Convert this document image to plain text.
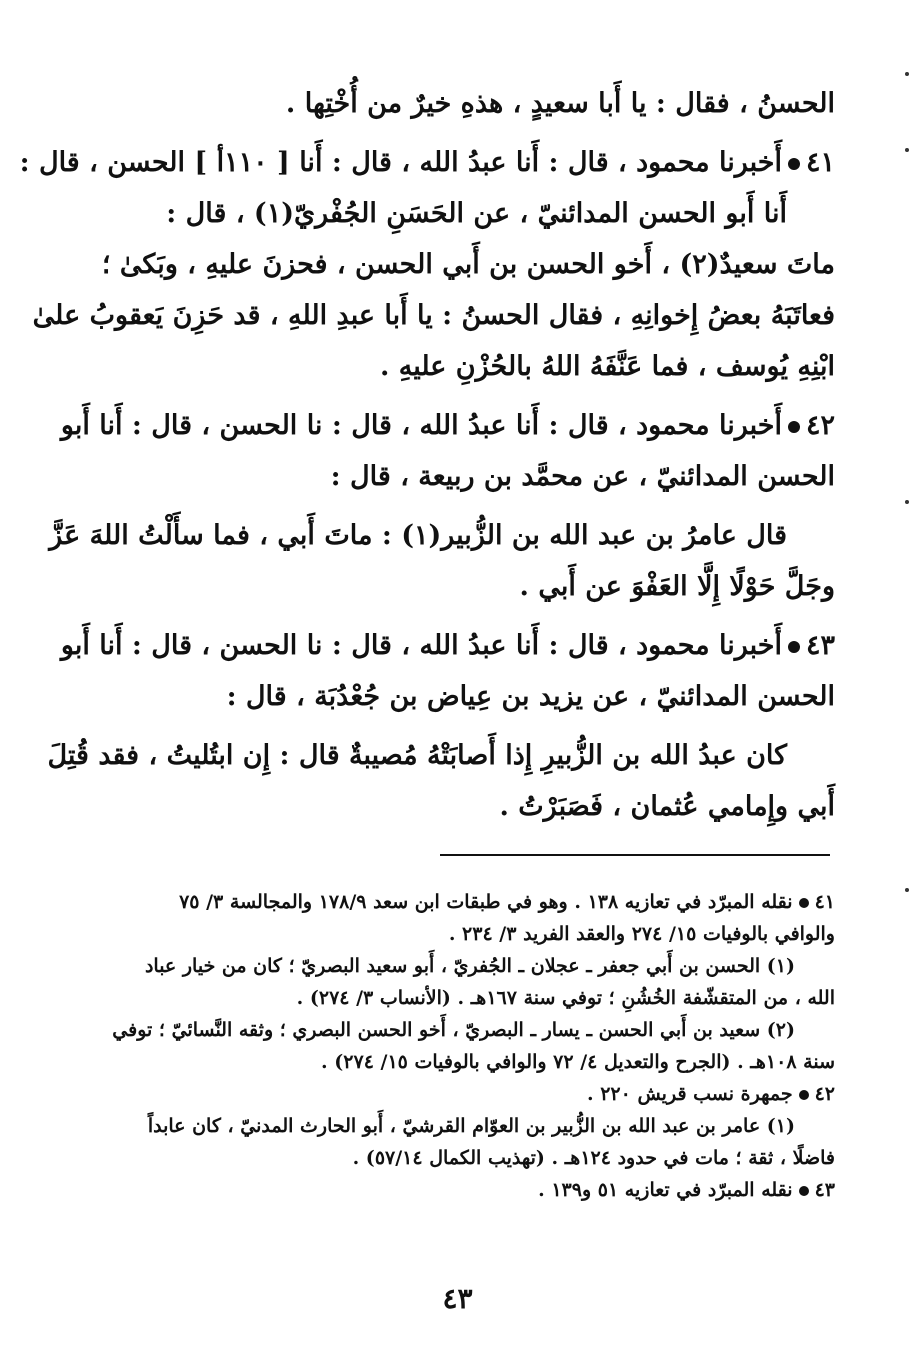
الحسنُ ، فقال : يا أَبا سعيدٍ ، هذهِ خيرٌ من أُخْتِها .
٤١أَخبرنا محمود ، قال : أَنا عبدُ الله ، قال : أَنا [ ١١٠أ ] الحسن ، قال :
أَنا أَبو الحسن المدائنيّ ، عن الحَسَنِ الجُفْريّ(١) ، قال :
ماتَ سعيدٌ(٢) ، أَخو الحسن بن أَبي الحسن ، فحزنَ عليهِ ، وبَكىٰ ؛
فعاتَبَهُ بعضُ إِخوانِهِ ، فقال الحسنُ : يا أَبا عبدِ اللهِ ، قد حَزِنَ يَعقوبُ علىٰ
ابْنِهِ يُوسف ، فما عَنَّفَهُ اللهُ بالحُزْنِ عليهِ .
٤٢أَخبرنا محمود ، قال : أَنا عبدُ الله ، قال : نا الحسن ، قال : أَنا أَبو
الحسن المدائنيّ ، عن محمَّد بن ربيعة ، قال :
قال عامرُ بن عبد الله بن الزُّبير(١) : ماتَ أَبي ، فما سأَلْتُ اللهَ عَزَّ
وجَلَّ حَوْلًا إِلَّا العَفْوَ عن أَبي .
٤٣أَخبرنا محمود ، قال : أَنا عبدُ الله ، قال : نا الحسن ، قال : أَنا أَبو
الحسن المدائنيّ ، عن يزيد بن عِياض بن جُعْدُبَة ، قال :
كان عبدُ الله بن الزُّبيرِ إِذا أَصابَتْهُ مُصيبةٌ قال : إِن ابتُليتُ ، فقد قُتِلَ
أَبي وإِمامي عُثمان ، فَصَبَرْتُ .
٤١نقله المبرّد في تعازيه ١٣٨ . وهو في طبقات ابن سعد ١٧٨/٩ والمجالسة ٣/ ٧٥
والوافي بالوفيات ١٥/ ٢٧٤ والعقد الفريد ٣/ ٢٣٤ .
(١) الحسن بن أَبي جعفر ـ عجلان ـ الجُفريّ ، أَبو سعيد البصريّ ؛ كان من خيار عباد
الله ، من المتقشّفة الخُشُنِ ؛ توفي سنة ١٦٧هـ . (الأنساب ٣/ ٢٧٤) .
(٢) سعيد بن أَبي الحسن ـ يسار ـ البصريّ ، أَخو الحسن البصري ؛ وثقه النَّسائيّ ؛ توفي
سنة ١٠٨هـ . (الجرح والتعديل ٤/ ٧٢ والوافي بالوفيات ١٥/ ٢٧٤) .
٤٢جمهرة نسب قريش ٢٢٠ .
(١) عامر بن عبد الله بن الزُّبير بن العوّام القرشيّ ، أَبو الحارث المدنيّ ، كان عابداً
فاضلًا ، ثقة ؛ مات في حدود ١٢٤هـ . (تهذيب الكمال ٥٧/١٤) .
٤٣نقله المبرّد في تعازيه ٥١ و١٣٩ .
٤٣
